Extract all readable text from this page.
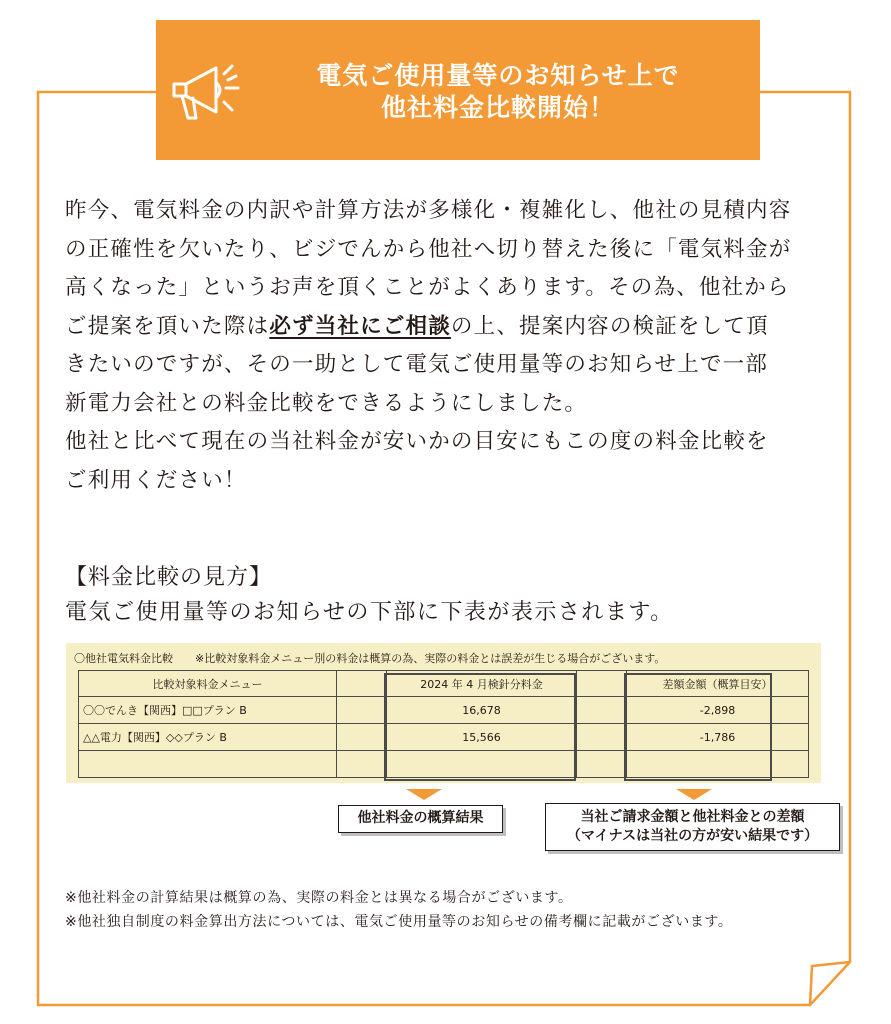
電気ご使用量等のお知らせ上で
他社料金比較開始！

昨今、電気料金の内訳や計算方法が多様化・複雑化し、他社の見積内容

の正確性を欠いたり、ビジでんから他社へ切り替えた後に「電気料金が

高くなった」というお声を頂くことがよくあります。その為、他社から

ご提案を頂いた際は必ず当社にご相談の上、提案内容の検証をして頂

きたいのですが、その一助として電気ご使用量等のお知らせ上で一部

新電力会社との料金比較をできるようにしました。

他社と比べて現在の当社料金が安いかの目安にもこの度の料金比較を

ご利用ください！

【料金比較の見方】
電気ご使用量等のお知らせの下部に下表が表示されます。
〇他社電気料金比較　　※比較対象料金メニュー別の料金は概算の為、実際の料金とは誤差が生じる場合がございます。
比較対象料金メニュー		2024 年 4 月検針分料金		差額金額（概算目安）
〇〇でんき【関西】□□プラン B		16,678		-2,898
△△電力【関西】◇◇プラン B		15,566		-1,786

他社料金の概算結果	当社ご請求金額と他社料金との差額
（マイナスは当社の方が安い結果です）

※他社料金の計算結果は概算の為、実際の料金とは異なる場合がございます。

※他社独自制度の料金算出方法については、電気ご使用量等のお知らせの備考欄に記載がございます。
